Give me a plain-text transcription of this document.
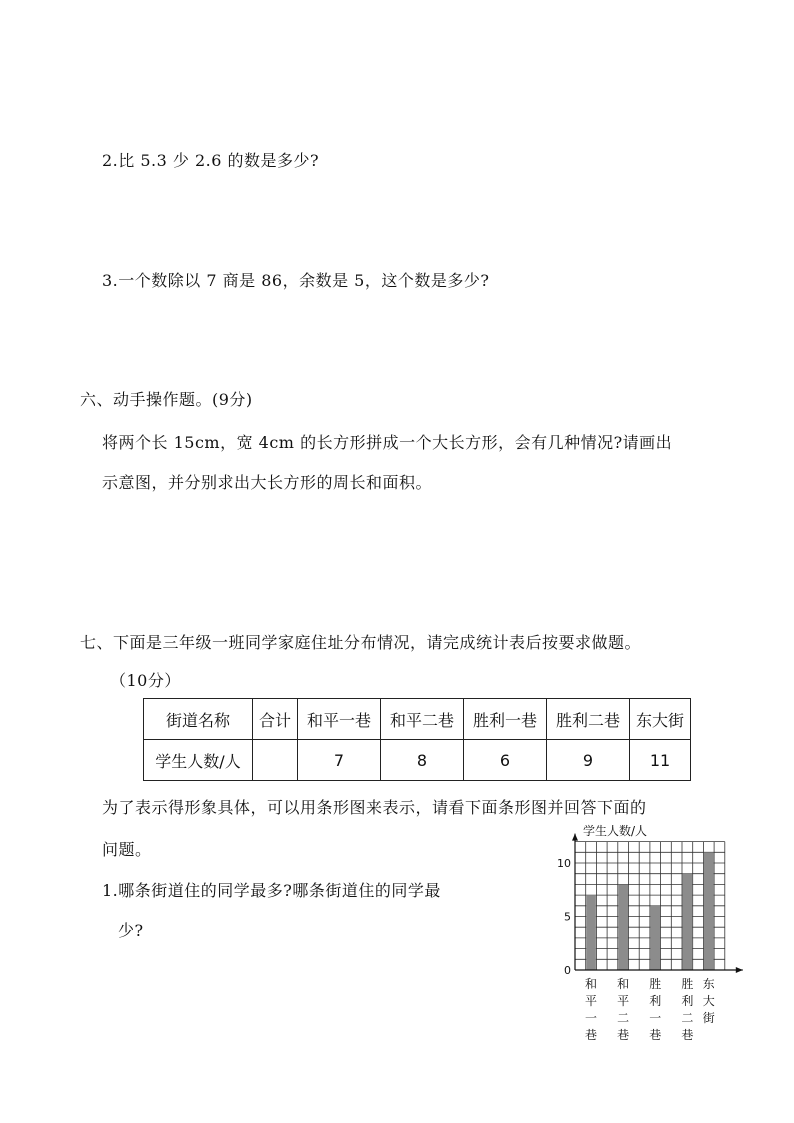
2.比 5.3 少 2.6 的数是多少?
3.一个数除以 7 商是 86，余数是 5，这个数是多少?
六、动手操作题。(9分)
将两个长 15cm，宽 4cm 的长方形拼成一个大长方形，会有几种情况?请画出
示意图，并分别求出大长方形的周长和面积。
七、下面是三年级一班同学家庭住址分布情况，请完成统计表后按要求做题。
（10分）
街道名称	合计	和平一巷	和平二巷	胜利一巷	胜利二巷	东大街
学生人数/人		7	8	6	9	11
为了表示得形象具体，可以用条形图来表示，请看下面条形图并回答下面的
问题。
1.哪条街道住的同学最多?哪条街道住的同学最
少?
学生人数/人
0
5
10
和
平
一
巷
和
平
二
巷
胜
利
一
巷
胜
利
二
巷
东
大
街
